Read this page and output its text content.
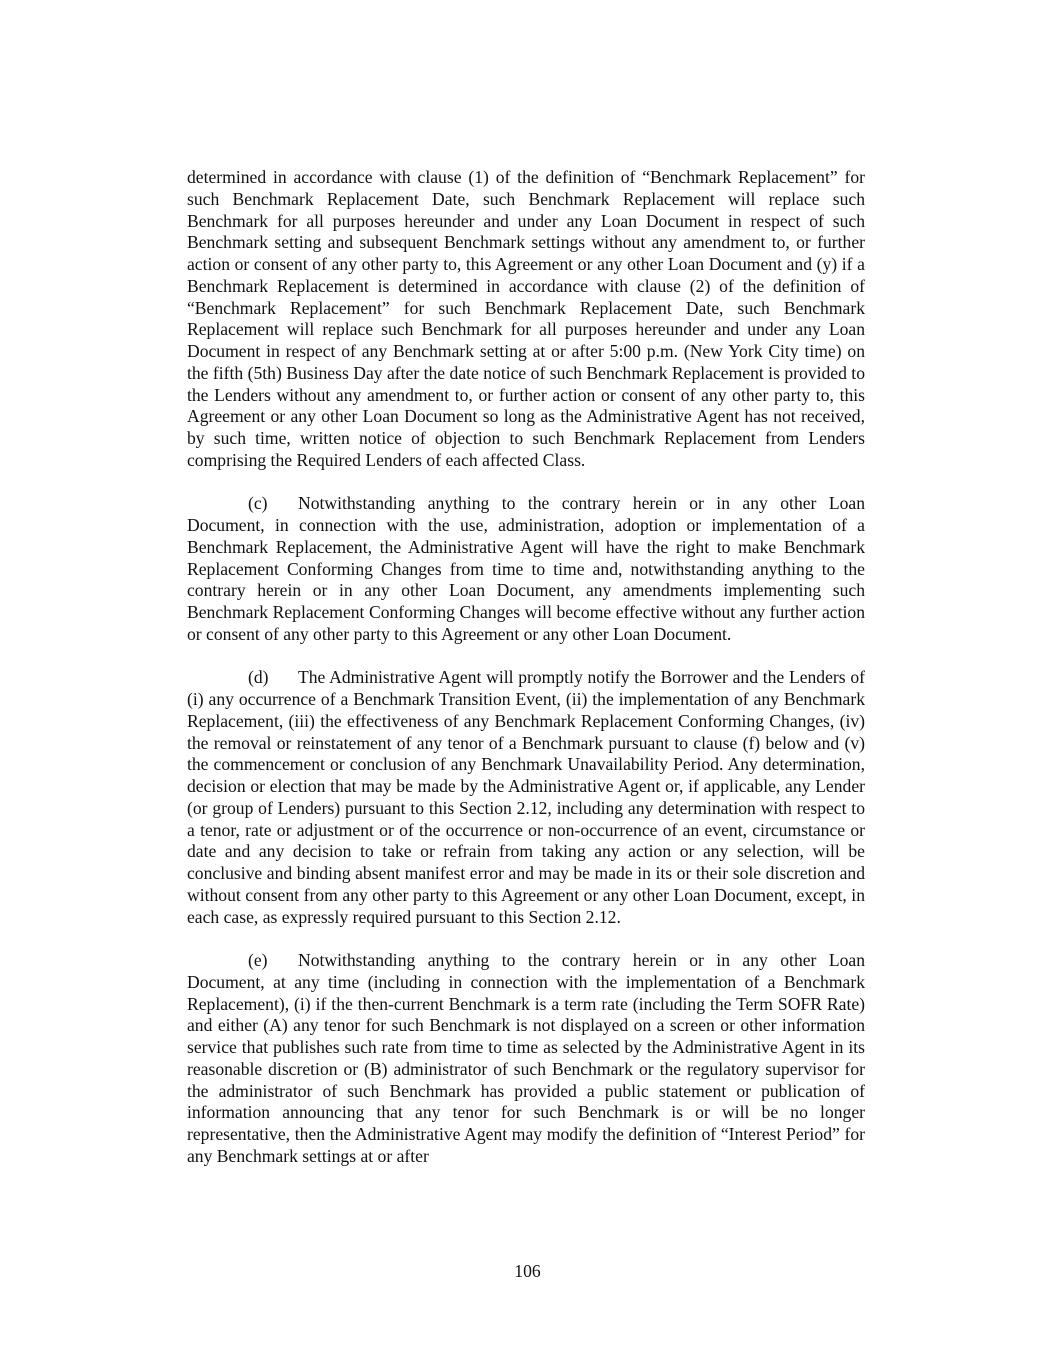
determined in accordance with clause (1) of the definition of “Benchmark Replacement” for such Benchmark Replacement Date, such Benchmark Replacement will replace such Benchmark for all purposes hereunder and under any Loan Document in respect of such Benchmark setting and subsequent Benchmark settings without any amendment to, or further action or consent of any other party to, this Agreement or any other Loan Document and (y) if a Benchmark Replacement is determined in accordance with clause (2) of the definition of “Benchmark Replacement” for such Benchmark Replacement Date, such Benchmark Replacement will replace such Benchmark for all purposes hereunder and under any Loan Document in respect of any Benchmark setting at or after 5:00 p.m. (New York City time) on the fifth (5th) Business Day after the date notice of such Benchmark Replacement is provided to the Lenders without any amendment to, or further action or consent of any other party to, this Agreement or any other Loan Document so long as the Administrative Agent has not received, by such time, written notice of objection to such Benchmark Replacement from Lenders comprising the Required Lenders of each affected Class.

(c) Notwithstanding anything to the contrary herein or in any other Loan Document, in connection with the use, administration, adoption or implementation of a Benchmark Replacement, the Administrative Agent will have the right to make Benchmark Replacement Conforming Changes from time to time and, notwithstanding anything to the contrary herein or in any other Loan Document, any amendments implementing such Benchmark Replacement Conforming Changes will become effective without any further action or consent of any other party to this Agreement or any other Loan Document.

(d) The Administrative Agent will promptly notify the Borrower and the Lenders of (i) any occurrence of a Benchmark Transition Event, (ii) the implementation of any Benchmark Replacement, (iii) the effectiveness of any Benchmark Replacement Conforming Changes, (iv) the removal or reinstatement of any tenor of a Benchmark pursuant to clause (f) below and (v) the commencement or conclusion of any Benchmark Unavailability Period. Any determination, decision or election that may be made by the Administrative Agent or, if applicable, any Lender (or group of Lenders) pursuant to this Section 2.12, including any determination with respect to a tenor, rate or adjustment or of the occurrence or non-occurrence of an event, circumstance or date and any decision to take or refrain from taking any action or any selection, will be conclusive and binding absent manifest error and may be made in its or their sole discretion and without consent from any other party to this Agreement or any other Loan Document, except, in each case, as expressly required pursuant to this Section 2.12.

(e) Notwithstanding anything to the contrary herein or in any other Loan Document, at any time (including in connection with the implementation of a Benchmark Replacement), (i) if the then-current Benchmark is a term rate (including the Term SOFR Rate) and either (A) any tenor for such Benchmark is not displayed on a screen or other information service that publishes such rate from time to time as selected by the Administrative Agent in its reasonable discretion or (B) administrator of such Benchmark or the regulatory supervisor for the administrator of such Benchmark has provided a public statement or publication of information announcing that any tenor for such Benchmark is or will be no longer representative, then the Administrative Agent may modify the definition of “Interest Period” for any Benchmark settings at or after

106
